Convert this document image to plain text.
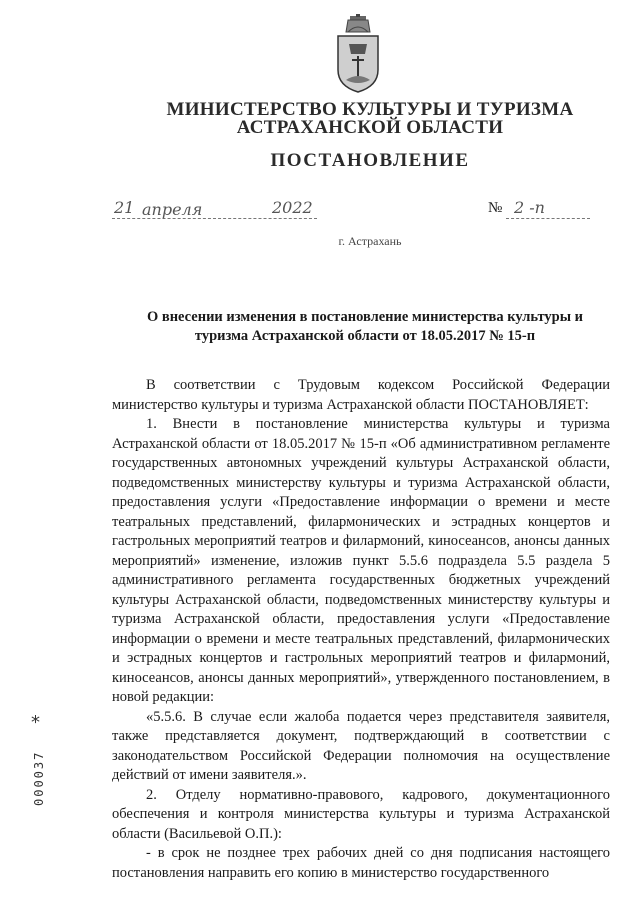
МИНИСТЕРСТВО КУЛЬТУРЫ И ТУРИЗМА
АСТРАХАНСКОЙ ОБЛАСТИ
ПОСТАНОВЛЕНИЕ
21 апреля	2022	№ 2 -п
г. Астрахань
О внесении изменения в постановление министерства культуры и туризма Астраханской области от 18.05.2017 № 15-п

В соответствии с Трудовым кодексом Российской Федерации министерство культуры и туризма Астраханской области ПОСТАНОВЛЯЕТ:

1. Внести в постановление министерства культуры и туризма Астраханской области от 18.05.2017 № 15-п «Об административном регламенте государственных автономных учреждений культуры Астраханской области, подведомственных министерству культуры и туризма Астраханской области, предоставления услуги «Предоставление информации о времени и месте театральных представлений, филармонических и эстрадных концертов и гастрольных мероприятий театров и филармоний, киносеансов, анонсы данных мероприятий» изменение, изложив пункт 5.5.6 подраздела 5.5 раздела 5 административного регламента государственных бюджетных учреждений культуры Астраханской области, подведомственных министерству культуры и туризма Астраханской области, предоставления услуги «Предоставление информации о времени и месте театральных представлений, филармонических и эстрадных концертов и гастрольных мероприятий театров и филармоний, киносеансов, анонсы данных мероприятий», утвержденного постановлением, в новой редакции:

«5.5.6. В случае если жалоба подается через представителя заявителя, также представляется документ, подтверждающий в соответствии с законодательством Российской Федерации полномочия на осуществление действий от имени заявителя.».

2. Отделу нормативно-правового, кадрового, документационного обеспечения и контроля министерства культуры и туризма Астраханской области (Васильевой О.П.):

- в срок не позднее трех рабочих дней со дня подписания настоящего постановления направить его копию в министерство государственного

*
000037
